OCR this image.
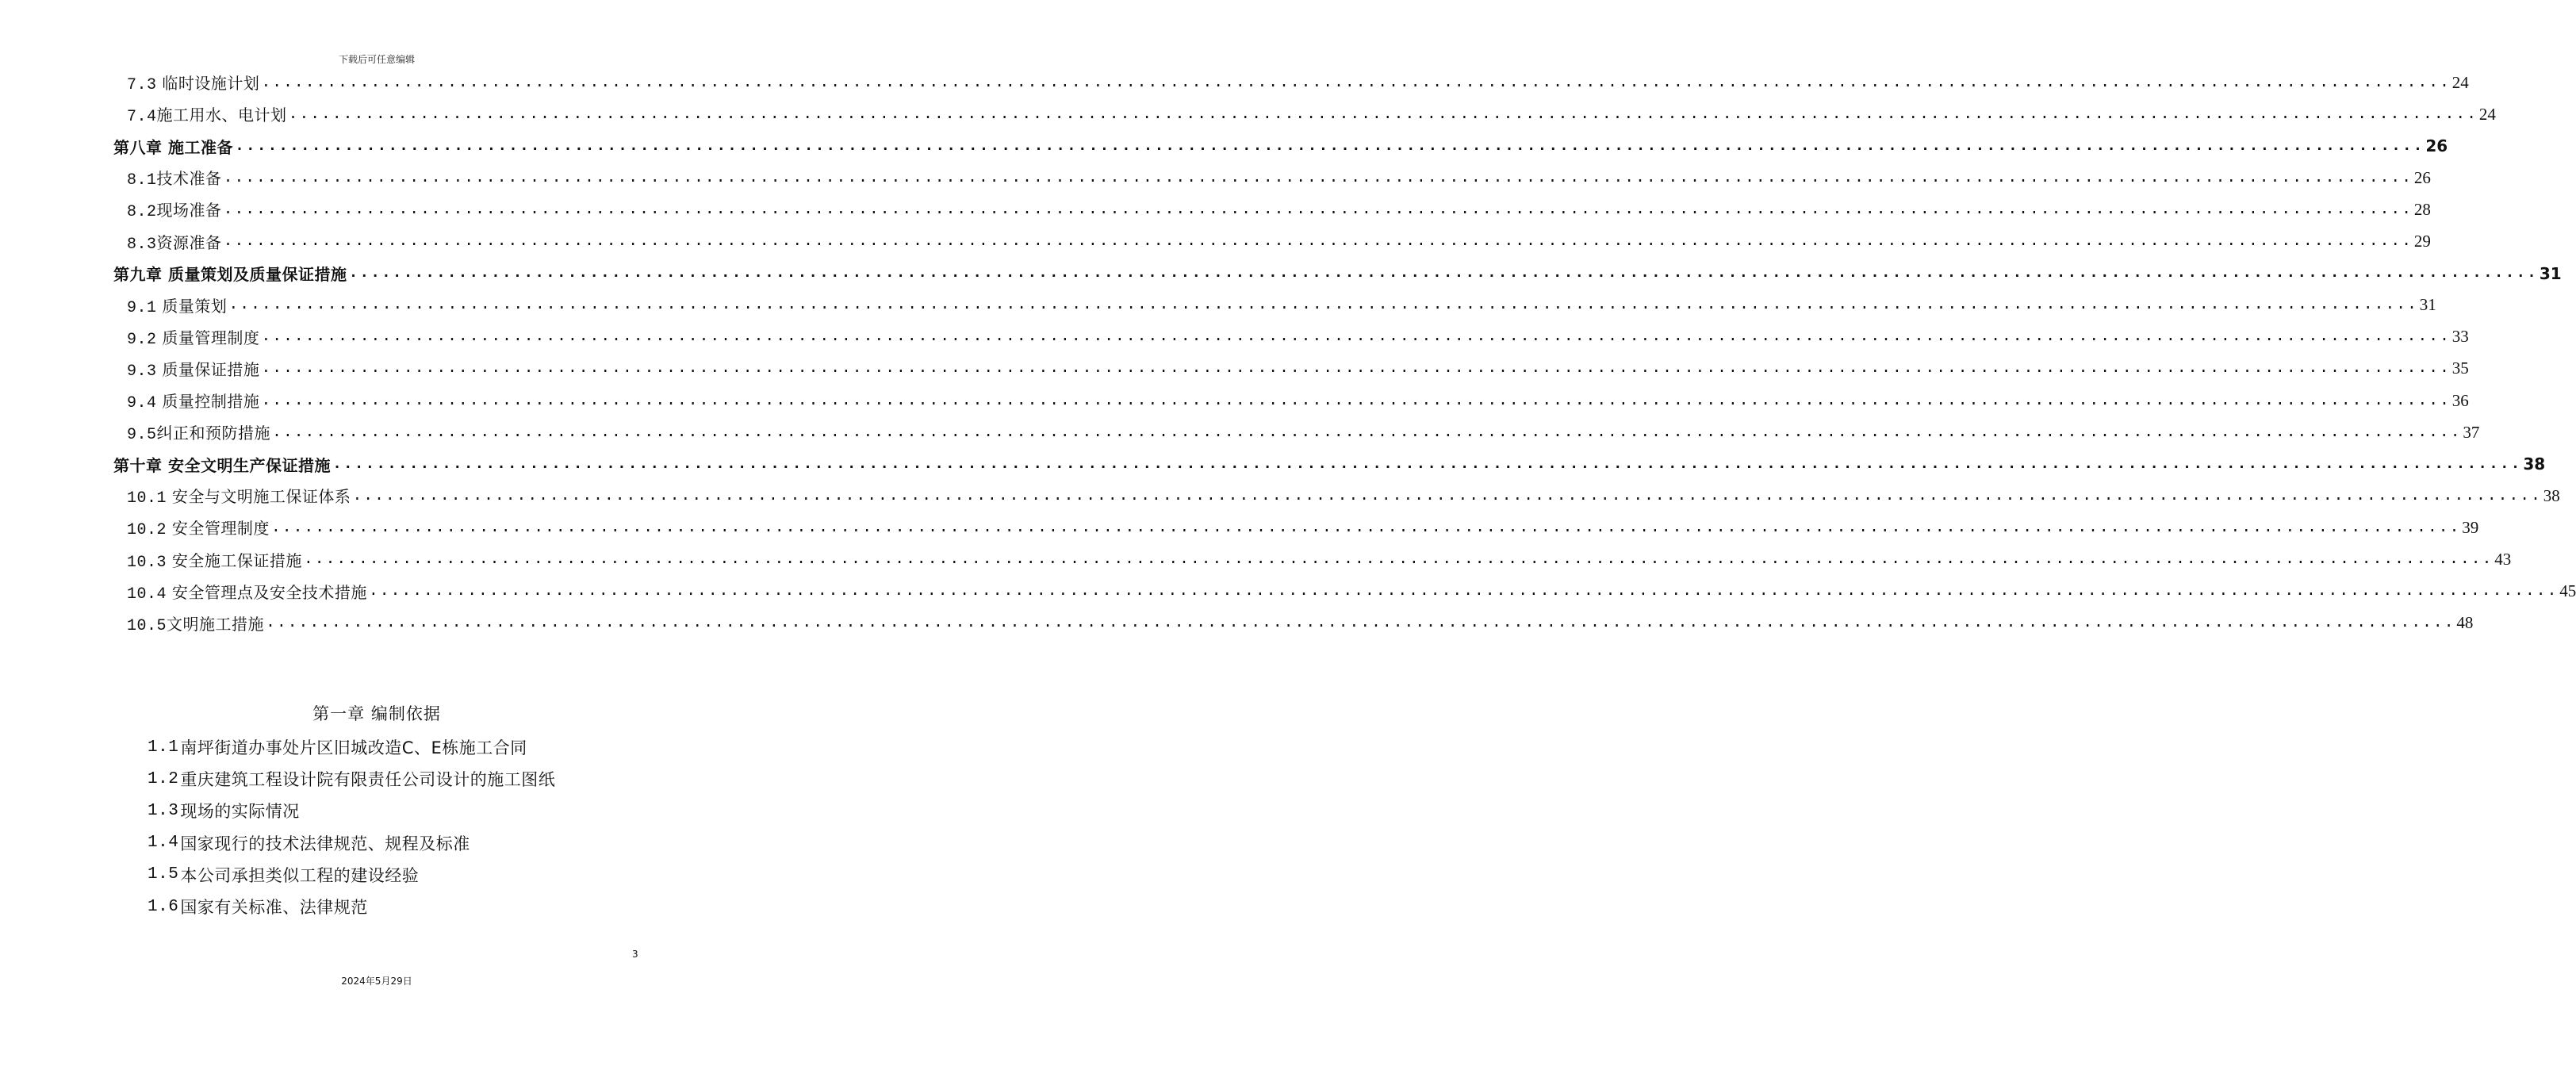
下载后可任意编辑
7.3 临时设施计划 ........................................................................................................................................................................................................ 24
7.4施工用水、电计划 ........................................................................................................................................................................................................ 24
第八章 施工准备 ........................................................................................................................................................................................................ 26
8.1技术准备 ........................................................................................................................................................................................................ 26
8.2现场准备 ........................................................................................................................................................................................................ 28
8.3资源准备 ........................................................................................................................................................................................................ 29
第九章 质量策划及质量保证措施 ........................................................................................................................................................................................................ 31
9.1 质量策划 ........................................................................................................................................................................................................ 31
9.2 质量管理制度 ........................................................................................................................................................................................................ 33
9.3 质量保证措施 ........................................................................................................................................................................................................ 35
9.4 质量控制措施 ........................................................................................................................................................................................................ 36
9.5纠正和预防措施 ........................................................................................................................................................................................................ 37
第十章 安全文明生产保证措施 ........................................................................................................................................................................................................ 38
10.1 安全与文明施工保证体系 ........................................................................................................................................................................................................ 38
10.2 安全管理制度 ........................................................................................................................................................................................................ 39
10.3 安全施工保证措施 ........................................................................................................................................................................................................ 43
10.4 安全管理点及安全技术措施 ........................................................................................................................................................................................................ 45
10.5文明施工措施 ........................................................................................................................................................................................................ 48
第一章 编制依据
1.1 南坪街道办事处片区旧城改造C、E栋施工合同
1.2 重庆建筑工程设计院有限责任公司设计的施工图纸
1.3 现场的实际情况
1.4 国家现行的技术法律规范、规程及标准
1.5 本公司承担类似工程的建设经验
1.6 国家有关标准、法律规范
3
2024年5月29日
